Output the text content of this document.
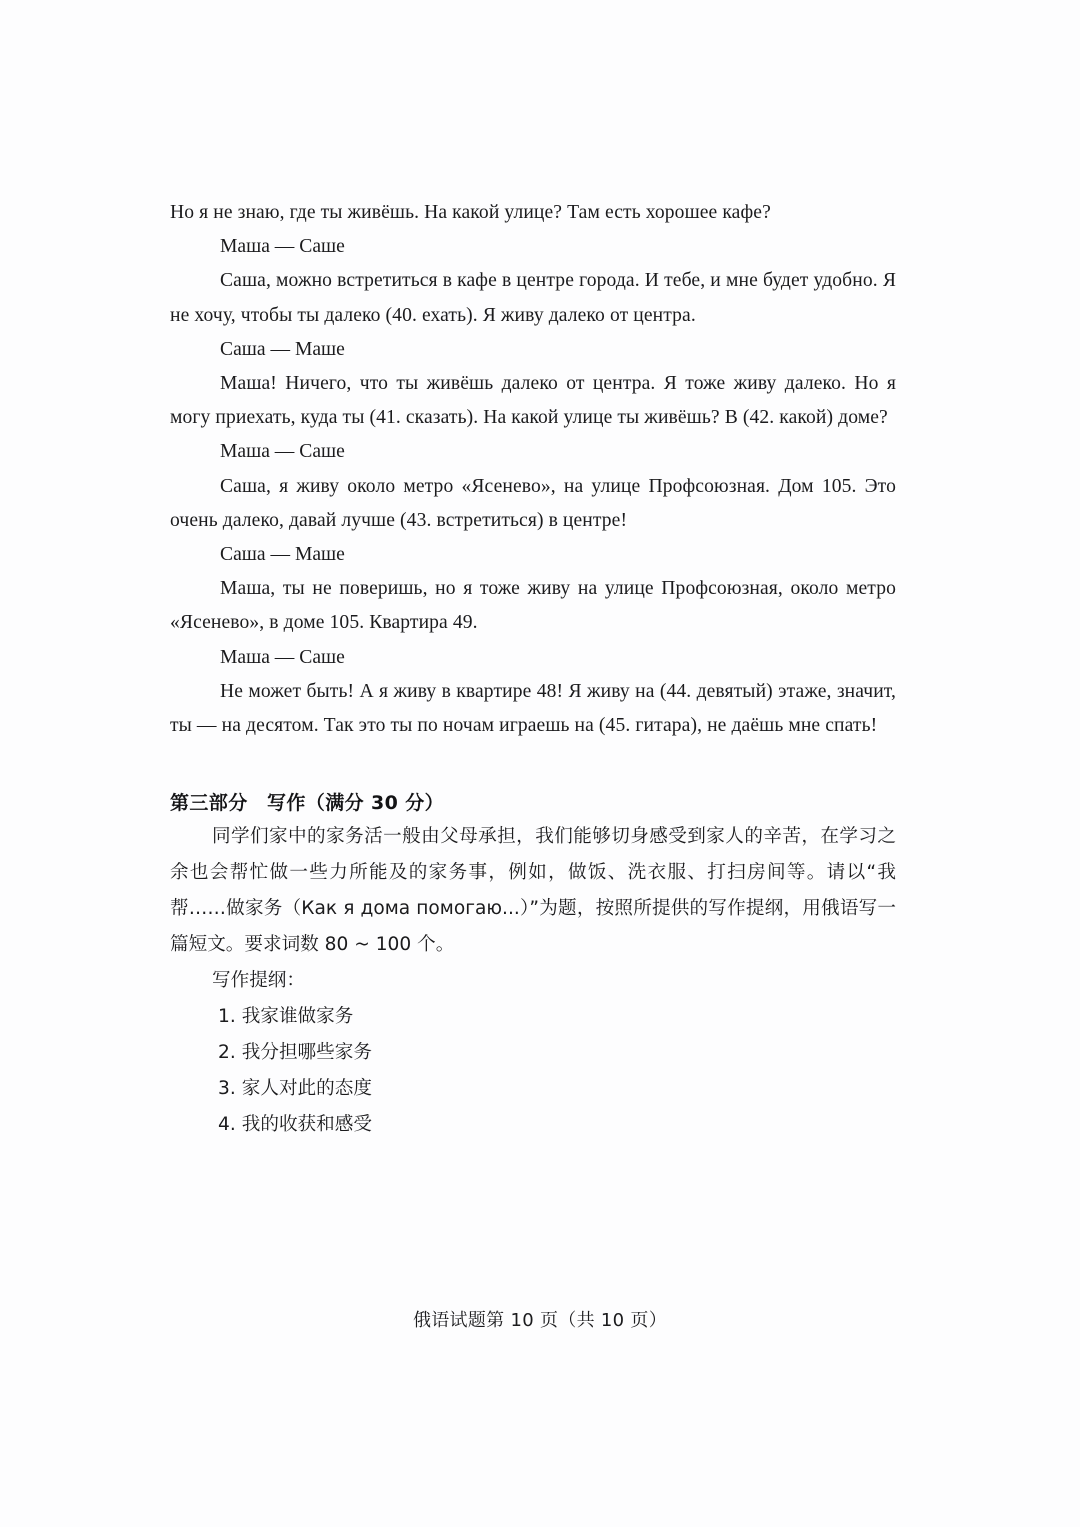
Но я не знаю, где ты живёшь. На какой улице? Там есть хорошее кафе?

Маша — Саше

Саша, можно встретиться в кафе в центре города. И тебе, и мне будет удобно. Я не хочу, чтобы ты далеко (40. ехать). Я живу далеко от центра.

Саша — Маше

Маша! Ничего, что ты живёшь далеко от центра. Я тоже живу далеко. Но я могу приехать, куда ты (41. сказать). На какой улице ты живёшь? В (42. какой) доме?

Маша — Саше

Саша, я живу около метро «Ясенево», на улице Профсоюзная. Дом 105. Это очень далеко, давай лучше (43. встретиться) в центре!

Саша — Маше

Маша, ты не поверишь, но я тоже живу на улице Профсоюзная, около метро «Ясенево», в доме 105. Квартира 49.

Маша — Саше

Не может быть! А я живу в квартире 48! Я живу на (44. девятый) этаже, значит, ты — на десятом. Так это ты по ночам играешь на (45. гитара), не даёшь мне спать!

第三部分　写作（满分 30 分）

同学们家中的家务活一般由父母承担，我们能够切身感受到家人的辛苦，在学习之余也会帮忙做一些力所能及的家务事，例如，做饭、洗衣服、打扫房间等。请以“我帮……做家务（Как я дома помогаю...）”为题，按照所提供的写作提纲，用俄语写一篇短文。要求词数 80 ~ 100 个。

写作提纲：

1. 我家谁做家务
2. 我分担哪些家务
3. 家人对此的态度
4. 我的收获和感受
俄语试题第 10 页（共 10 页）
